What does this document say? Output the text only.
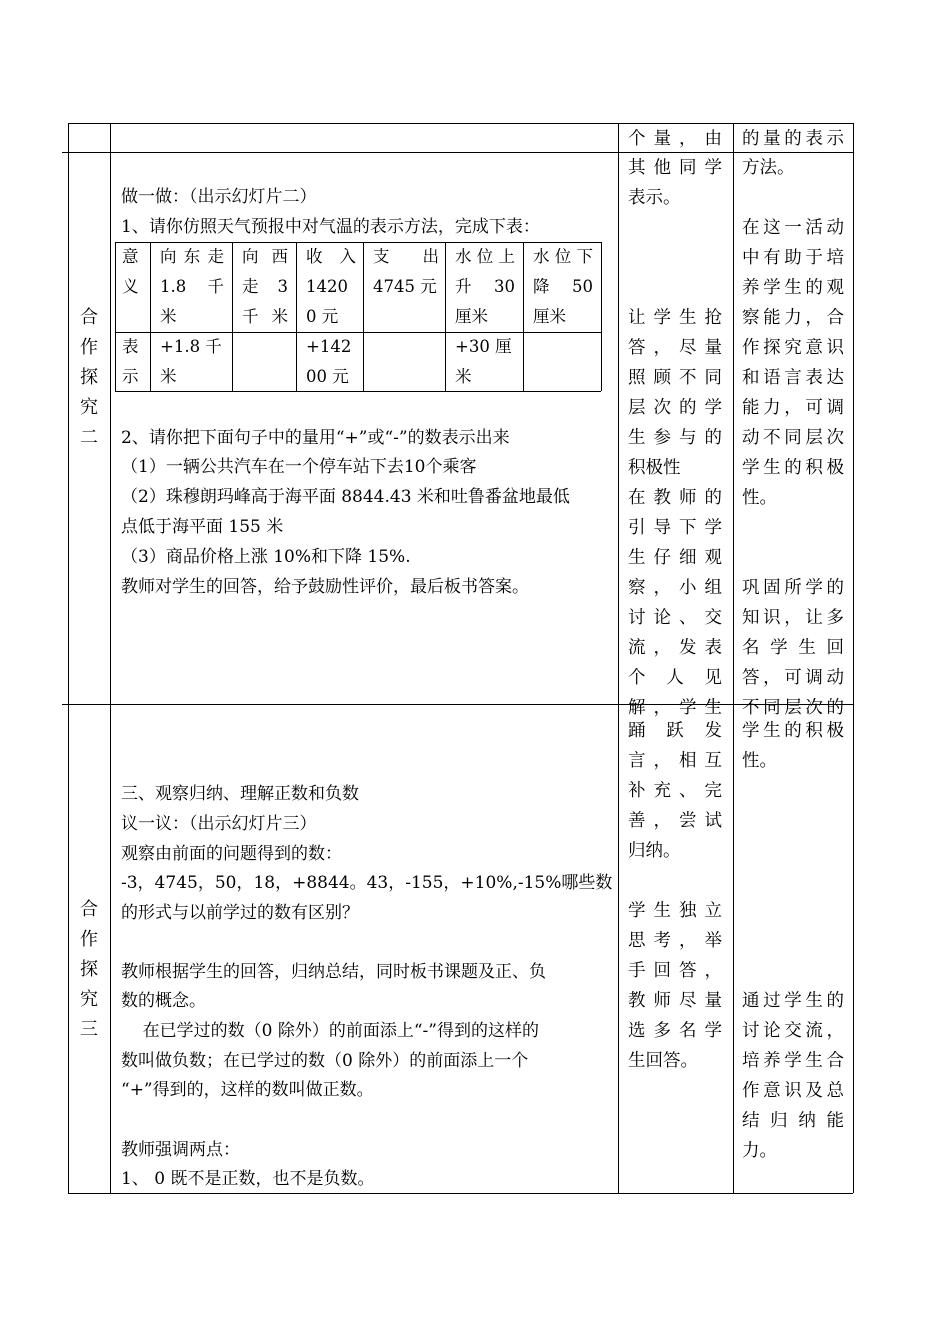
个 量 ， 由 的量的表示
合
作
探
究
二
做一做：（出示幻灯片二）
1、请你仿照天气预报中对气温的表示方法，完成下表：
意
义
向东走
1.8 千
米
向 西
走 3
千米
收 入
1420
0 元
支 出
4745 元
水位上
升 30
厘米
水位下
降 50
厘米
表
示
+1.8 千
米
+142
00 元
+30 厘
米
2、请你把下面句子中的量用“+”或“-”的数表示出来
（1）一辆公共汽车在一个停车站下去10个乘客
（2）珠穆朗玛峰高于海平面 8844.43 米和吐鲁番盆地最低
点低于海平面 155 米
（3）商品价格上涨 10%和下降 15%.
教师对学生的回答，给予鼓励性评价，最后板书答案。
其 他 同 学
表示。
让 学 生 抢
答 ， 尽 量
照 顾 不 同
层 次 的 学
生 参 与 的
积极性
在 教 师 的
引 导 下 学
生 仔 细 观
察 ， 小 组
讨 论 、 交
流 ， 发 表
个 人 见
解 ， 学 生
方法。
在这一活动
中有助于培
养学生的观
察能力，合
作探究意识
和语言表达
能力，可调
动不同层次
学生的积极
性。
巩固所学的
知识，让多
名 学 生 回
答，可调动
不同层次的
合
作
探
究
三
三、观察归纳、理解正数和负数
议一议：（出示幻灯片三）
观察由前面的问题得到的数：
-3，4745，50，18，+8844。43，-155，+10%,-15%哪些数
的形式与以前学过的数有区别？
教师根据学生的回答，归纳总结，同时板书课题及正、负
数的概念。
在已学过的数（0 除外）的前面添上“-”得到的这样的
数叫做负数；在已学过的数（0 除外）的前面添上一个
“+”得到的，这样的数叫做正数。
教师强调两点：
1、 0 既不是正数，也不是负数。
踊 跃 发
言 ， 相 互
补 充 、 完
善 ， 尝 试
归纳。
学 生 独 立
思 考 ， 举
手 回 答 ，
教 师 尽 量
选 多 名 学
生回答。
学生的积极
性。
通过学生的
讨论交流，
培养学生合
作意识及总
结 归 纳 能
力。
